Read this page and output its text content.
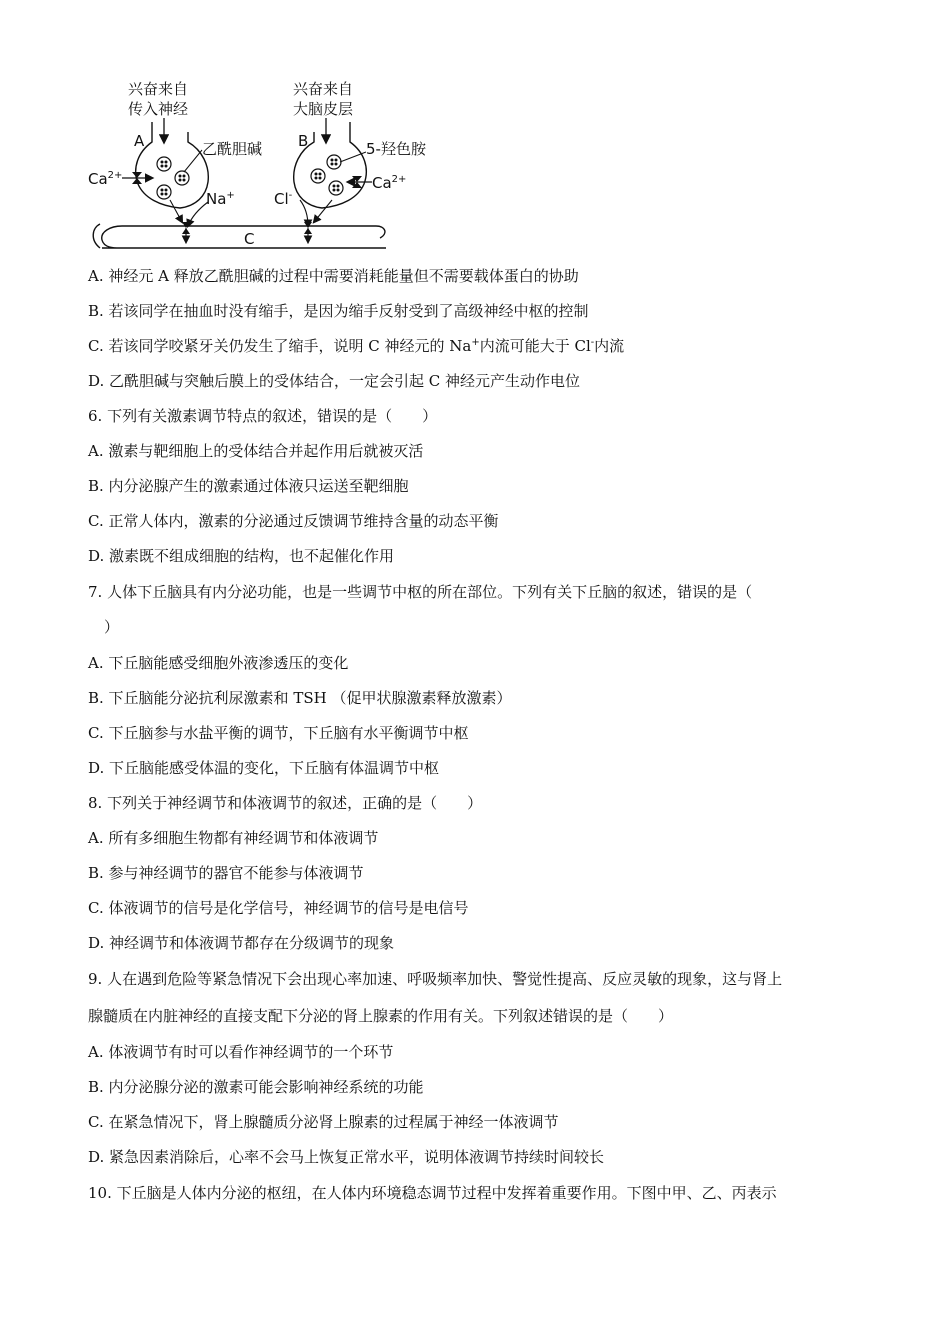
兴奋来自
传入神经
兴奋来自
大脑皮层
A	B
乙酰胆碱	5-羟色胺
$Ca^{2+}$	$Ca^{2+}$
Na+	Cl-
C
A. 神经元 A 释放乙酰胆碱的过程中需要消耗能量但不需要载体蛋白的协助
B. 若该同学在抽血时没有缩手，是因为缩手反射受到了高级神经中枢的控制
C. 若该同学咬紧牙关仍发生了缩手，说明 C 神经元的 Na+内流可能大于 Cl-内流
D. 乙酰胆碱与突触后膜上的受体结合，一定会引起 C 神经元产生动作电位
6. 下列有关激素调节特点的叙述，错误的是（　　）
A. 激素与靶细胞上的受体结合并起作用后就被灭活
B. 内分泌腺产生的激素通过体液只运送至靶细胞
C. 正常人体内，激素的分泌通过反馈调节维持含量的动态平衡
D. 激素既不组成细胞的结构，也不起催化作用
7. 人体下丘脑具有内分泌功能，也是一些调节中枢的所在部位。下列有关下丘脑的叙述，错误的是（
）
A. 下丘脑能感受细胞外液渗透压的变化
B. 下丘脑能分泌抗利尿激素和 TSH （促甲状腺激素释放激素）
C. 下丘脑参与水盐平衡的调节，下丘脑有水平衡调节中枢
D. 下丘脑能感受体温的变化，下丘脑有体温调节中枢
8. 下列关于神经调节和体液调节的叙述，正确的是（　　）
A. 所有多细胞生物都有神经调节和体液调节
B. 参与神经调节的器官不能参与体液调节
C. 体液调节的信号是化学信号，神经调节的信号是电信号
D. 神经调节和体液调节都存在分级调节的现象
9. 人在遇到危险等紧急情况下会出现心率加速、呼吸频率加快、警觉性提高、反应灵敏的现象，这与肾上
腺髓质在内脏神经的直接支配下分泌的肾上腺素的作用有关。下列叙述错误的是（　　）
A. 体液调节有时可以看作神经调节的一个环节
B. 内分泌腺分泌的激素可能会影响神经系统的功能
C. 在紧急情况下，肾上腺髓质分泌肾上腺素的过程属于神经一体液调节
D. 紧急因素消除后，心率不会马上恢复正常水平，说明体液调节持续时间较长
10. 下丘脑是人体内分泌的枢纽，在人体内环境稳态调节过程中发挥着重要作用。下图中甲、乙、丙表示
